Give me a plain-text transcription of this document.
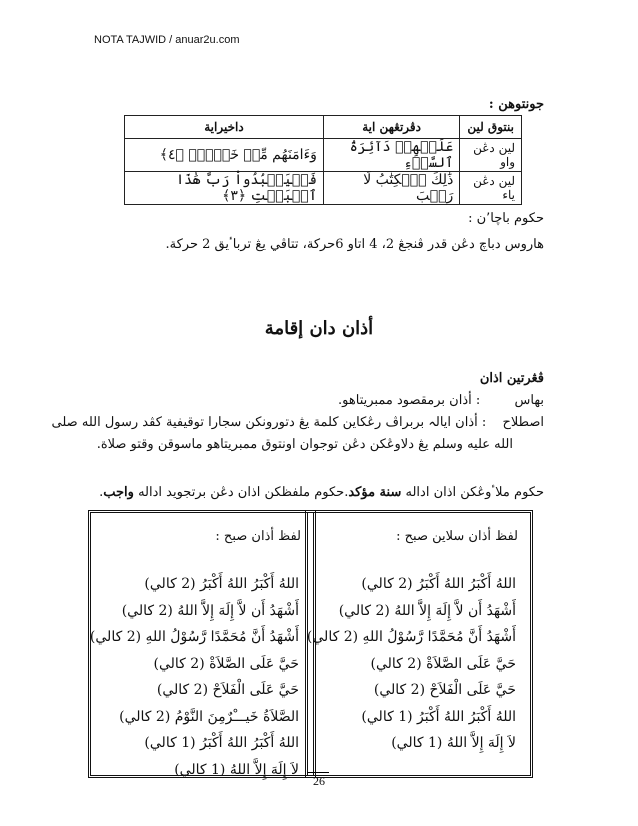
NOTA TAJWID / anuar2u.com
جونتوهن :
بنتوق لين	دڤرتڠهن اية	داخيراية
لين دڠن واو	عَلَيۡهِمۡ دَآئِرَةُ ٱلسَّوۡءِ	وَءَامَنَهُم مِّنۡ خَوۡفِۭ ﴿٤﴾
لين دڠن ياء	ذَٰلِكَ ٱلۡكِتَٰبُ لَا رَيۡبَ	فَلۡيَعۡبُدُواْ رَبَّ هَٰذَا ٱلۡبَيۡتِ ﴿٣﴾
حكوم باچا٬ن :
هاروس دباچ دڠن قدر ڤنجڠ 2، 4 اتاو 6حركة، تتاڤي يڠ ترباٴيق 2 حركة.
أذان دان إقامة
ڤڠرتين اذان
بهاس  : أذان برمقصود ممبريتاهو.
اصطلاح  : أذان ايالہ بربراڤ رڠكاين كلمة يڠ دتورونكن سجارا توقيفية كڤد رسول الله صلى
الله عليه وسلم يڠ دلاوڠكن دڠن توجوان اونتوق ممبريتاهو ماسوقن وقتو صلاة.
حكوم ملاٴوڠكن اذان اداله سنة مؤكد.حكوم ملفظكن اذان دڠن برتجويد اداله واجب.
لفظ أذان سلاين صبح :
اللهُ أَكْبَرُ اللهُ أَكْبَرُ (2 كالي)
أَشْهَدُ أَن لاَّ إِلَهَ إِلاَّ اللهُ (2 كالي)
أَشْهَدُ أَنَّ مُحَمَّدًا رَّسُوْلُ اللهِ (2 كالي)
حَيَّ عَلَى الصَّلاَةْ (2 كالي)
حَيَّ عَلَى الْفَلاَحْ (2 كالي)
اللهُ أَكْبَرُ اللهُ أَكْبَرُ (1 كالي)
لاَ إِلَهَ إِلاَّ اللهُ (1 كالي)
لفظ أذان صبح :
اللهُ أَكْبَرُ اللهُ أَكْبَرُ (2 كالي)
أَشْهَدُ أَن لاَّ إِلَهَ إِلاَّ اللهُ (2 كالي)
أَشْهَدُ أَنَّ مُحَمَّدًا رَّسُوْلُ اللهِ (2 كالي)
حَيَّ عَلَى الصَّلاَةْ (2 كالي)
حَيَّ عَلَى الْفَلاَحْ (2 كالي)
الصَّلاَةُ خَيـــْرٌمِنَ النَّوْمُ (2 كالي)
اللهُ أَكْبَرُ اللهُ أَكْبَرُ (1 كالي)
لاَ إِلَهَ إِلاَّ اللهُ (1 كالي)
26
